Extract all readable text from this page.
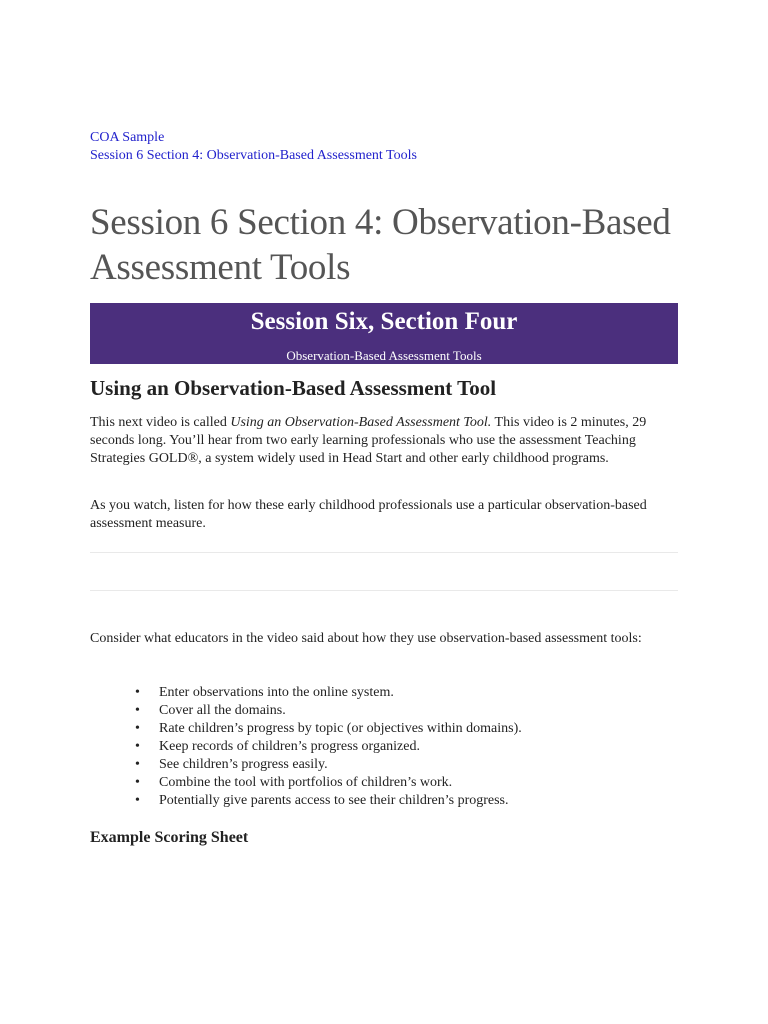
COA Sample
Session 6 Section 4: Observation-Based Assessment Tools
Session 6 Section 4: Observation-Based Assessment Tools
Session Six, Section Four
Observation-Based Assessment Tools
Using an Observation-Based Assessment Tool

This next video is called Using an Observation-Based Assessment Tool. This video is 2 minutes, 29 seconds long. You’ll hear from two early learning professionals who use the assessment Teaching Strategies GOLD®, a system widely used in Head Start and other early childhood programs.

As you watch, listen for how these early childhood professionals use a particular observation-based assessment measure.

Consider what educators in the video said about how they use observation-based assessment tools:

• Enter observations into the online system.
• Cover all the domains.
• Rate children’s progress by topic (or objectives within domains).
• Keep records of children’s progress organized.
• See children’s progress easily.
• Combine the tool with portfolios of children’s work.
• Potentially give parents access to see their children’s progress.
Example Scoring Sheet
